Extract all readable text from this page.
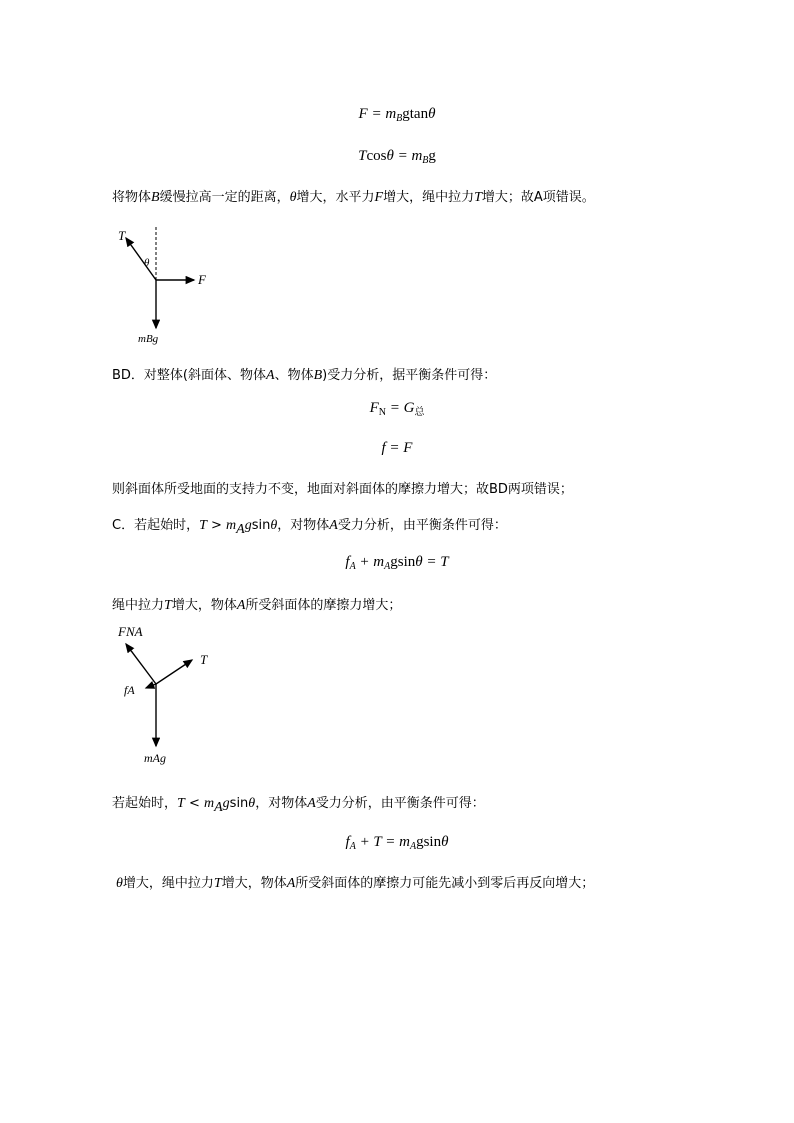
$F = m_Bgtan\theta$
$Tcos\theta = m_Bg$
将物体B缓慢拉高一定的距离，θ增大，水平力F增大，绳中拉力T增大；故A项错误。
T
θ
F
mBg
BD．对整体(斜面体、物体A、物体B)受力分析，据平衡条件可得：
$F_N = G_总$
f = F
则斜面体所受地面的支持力不变，地面对斜面体的摩擦力增大；故BD两项错误；
C．若起始时，$T > m_Agsin\theta$，对物体A受力分析，由平衡条件可得：
$f_A + m_Agsin\theta = T$
绳中拉力T增大，物体A所受斜面体的摩擦力增大；
FNA
T
fA
mAg
若起始时，$T < m_Agsin\theta$，对物体A受力分析，由平衡条件可得：
$f_A + T = m_Agsin\theta$
θ增大，绳中拉力T增大，物体A所受斜面体的摩擦力可能先减小到零后再反向增大；
